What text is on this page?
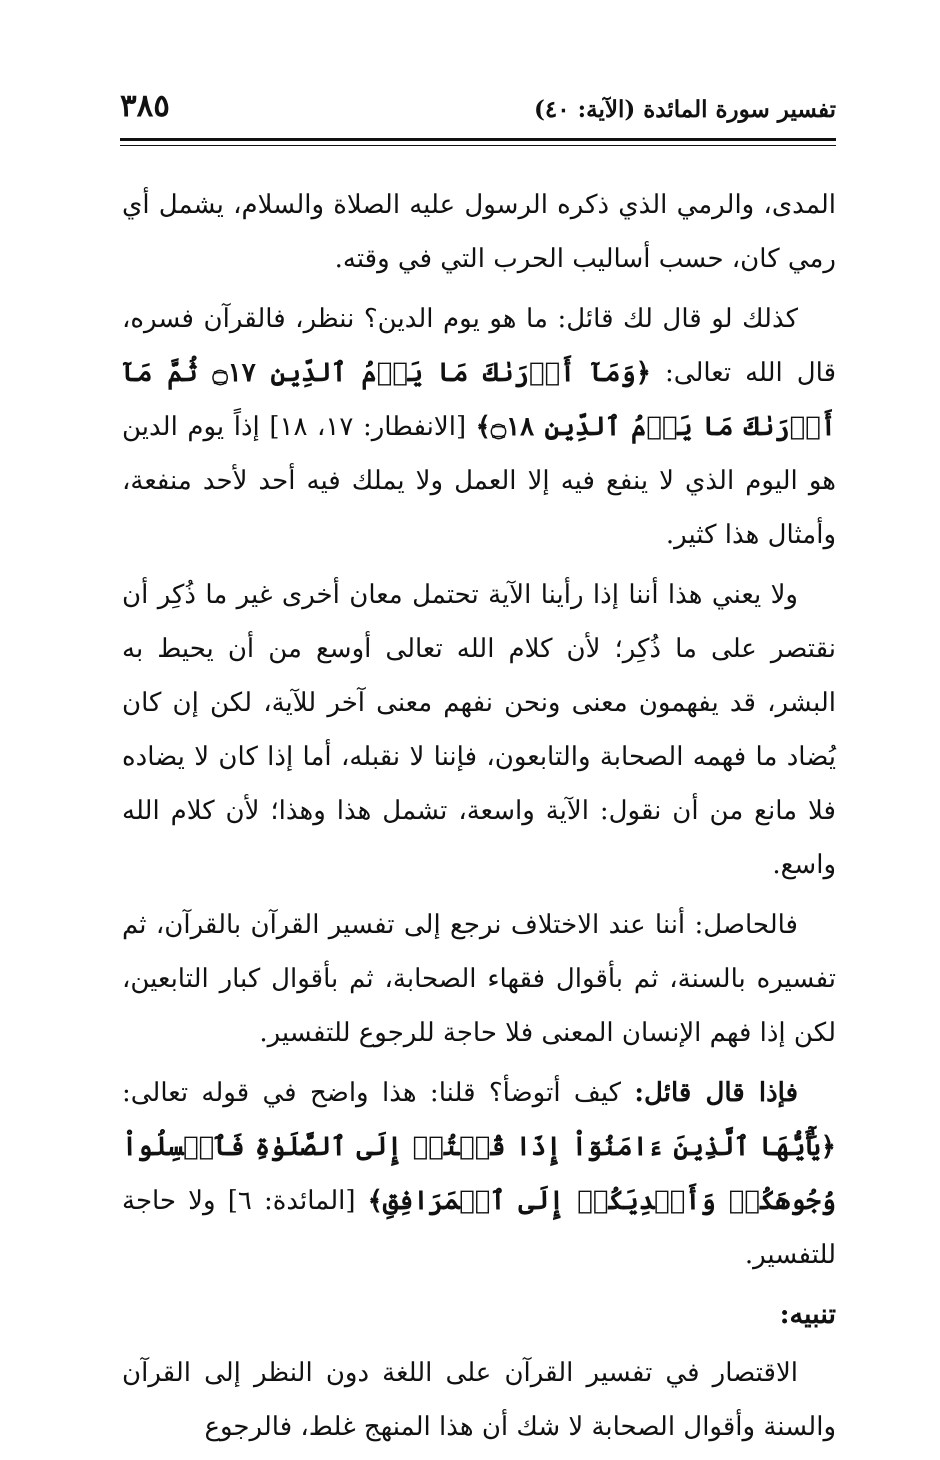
تفسير سورة المائدة (الآية: ٤٠)
٣٨٥

المدى، والرمي الذي ذكره الرسول عليه الصلاة والسلام، يشمل أي رمي كان، حسب أساليب الحرب التي في وقته.

كذلك لو قال لك قائل: ما هو يوم الدين؟ ننظر، فالقرآن فسره، قال الله تعالى: ﴿وَمَآ أَدۡرَىٰكَ مَا يَوۡمُ ٱلدِّينِ ۝١٧ ثُمَّ مَآ أَدۡرَىٰكَ مَا يَوۡمُ ٱلدِّينِ ۝١٨﴾ [الانفطار: ١٧، ١٨] إذاً يوم الدين هو اليوم الذي لا ينفع فيه إلا العمل ولا يملك فيه أحد لأحد منفعة، وأمثال هذا كثير.

ولا يعني هذا أننا إذا رأينا الآية تحتمل معان أخرى غير ما ذُكِر أن نقتصر على ما ذُكِر؛ لأن كلام الله تعالى أوسع من أن يحيط به البشر، قد يفهمون معنى ونحن نفهم معنى آخر للآية، لكن إن كان يُضاد ما فهمه الصحابة والتابعون، فإننا لا نقبله، أما إذا كان لا يضاده فلا مانع من أن نقول: الآية واسعة، تشمل هذا وهذا؛ لأن كلام الله واسع.

فالحاصل: أننا عند الاختلاف نرجع إلى تفسير القرآن بالقرآن، ثم تفسيره بالسنة، ثم بأقوال فقهاء الصحابة، ثم بأقوال كبار التابعين، لكن إذا فهم الإنسان المعنى فلا حاجة للرجوع للتفسير.

فإذا قال قائل: كيف أتوضأ؟ قلنا: هذا واضح في قوله تعالى: ﴿يَٰٓأَيُّهَا ٱلَّذِينَ ءَامَنُوٓاْ إِذَا قُمۡتُمۡ إِلَى ٱلصَّلَوٰةِ فَٱغۡسِلُواْ وُجُوهَكُمۡ وَأَيۡدِيَكُمۡ إِلَى ٱلۡمَرَافِقِ﴾ [المائدة: ٦] ولا حاجة للتفسير.

تنبيه:

الاقتصار في تفسير القرآن على اللغة دون النظر إلى القرآن والسنة وأقوال الصحابة لا شك أن هذا المنهج غلط، فالرجوع
